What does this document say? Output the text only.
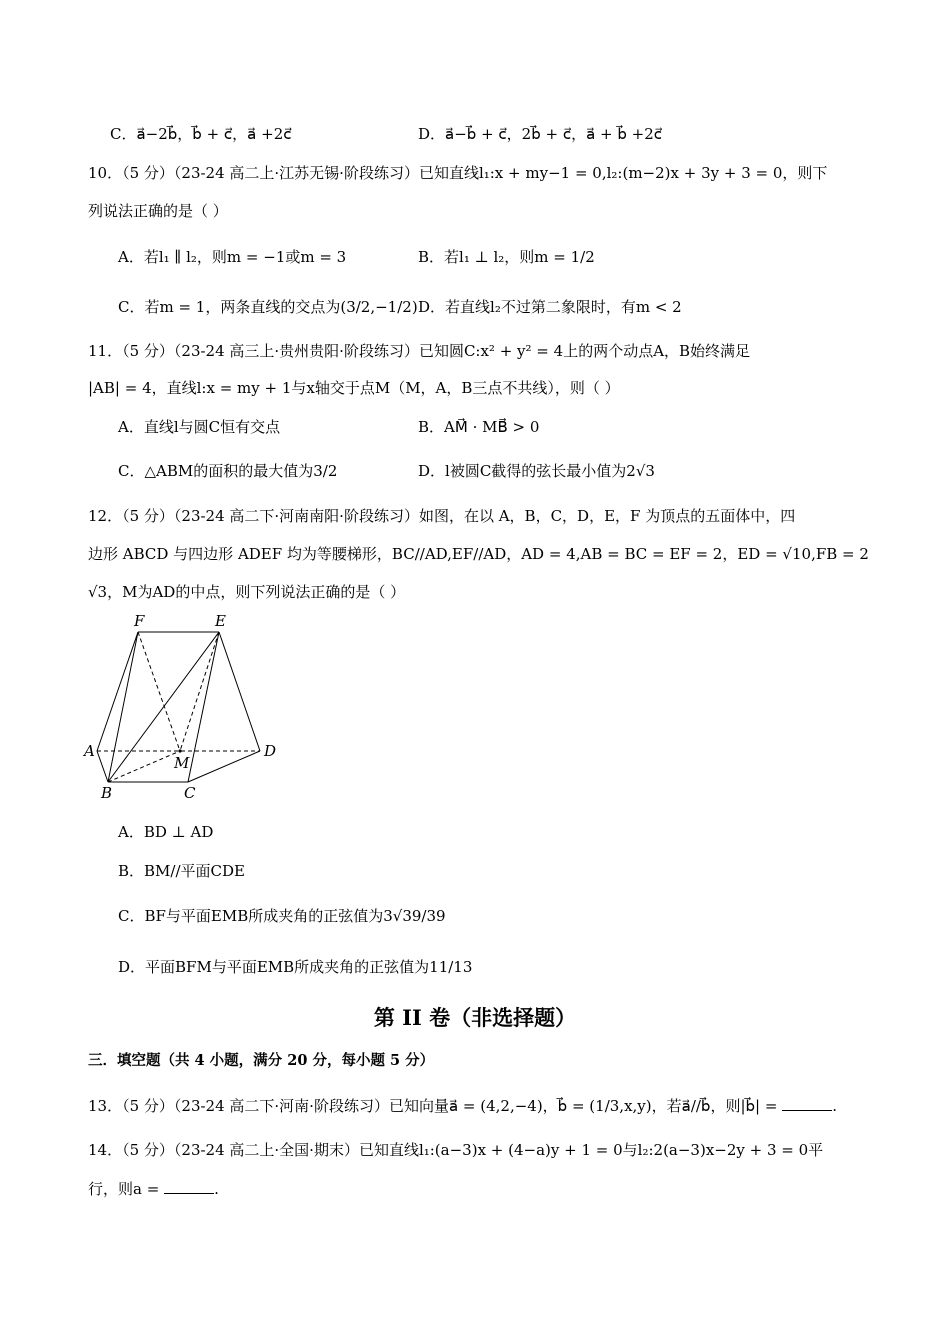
C．a⃗−2b⃗，b⃗ + c⃗，a⃗ +2c⃗	D．a⃗−b⃗ + c⃗，2b⃗ + c⃗，a⃗ + b⃗ +2c⃗
10．（5 分）（23-24 高二上·江苏无锡·阶段练习）已知直线l₁:x + my−1 = 0,l₂:(m−2)x + 3y + 3 = 0，则下
列说法正确的是（ ）
A．若l₁ ∥ l₂，则m = −1或m = 3	B．若l₁ ⊥ l₂，则m = 1/2
C．若m = 1，两条直线的交点为(3/2,−1/2) D．若直线l₂不过第二象限时，有m < 2
11．（5 分）（23-24 高三上·贵州贵阳·阶段练习）已知圆C:x² + y² = 4上的两个动点A，B始终满足
|AB| = 4，直线l:x = my + 1与x轴交于点M（M，A，B三点不共线），则（ ）
A．直线l与圆C恒有交点	B．AM⃗ · MB⃗ > 0
C．△ABM的面积的最大值为3/2	D．l被圆C截得的弦长最小值为2√3
12．（5 分）（23-24 高二下·河南南阳·阶段练习）如图，在以 A，B，C，D，E，F 为顶点的五面体中，四
边形 ABCD 与四边形 ADEF 均为等腰梯形，BC//AD,EF//AD，AD = 4,AB = BC = EF = 2，ED = √10,FB = 2
√3，M为AD的中点，则下列说法正确的是（ ）
F	E
A	D
M
B	C
A．BD ⊥ AD
B．BM//平面CDE
C．BF与平面EMB所成夹角的正弦值为3√39/39
D．平面BFM与平面EMB所成夹角的正弦值为11/13
第 II 卷（非选择题）
三．填空题（共 4 小题，满分 20 分，每小题 5 分）
13．（5 分）（23-24 高二下·河南·阶段练习）已知向量a⃗ = (4,2,−4)，b⃗ = (1/3,x,y)，若a⃗//b⃗，则|b⃗| =	.
14．（5 分）（23-24 高二上·全国·期末）已知直线l₁:(a−3)x + (4−a)y + 1 = 0与l₂:2(a−3)x−2y + 3 = 0平
行，则a =	.
